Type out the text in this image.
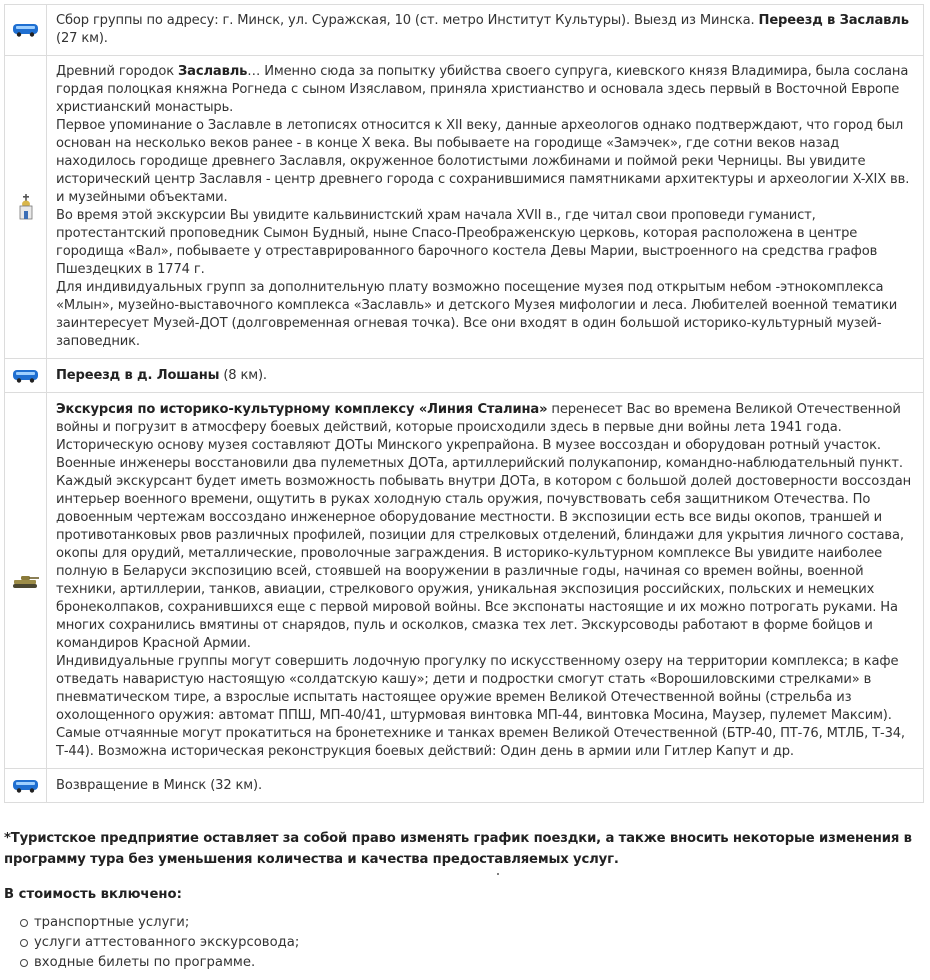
Сбор группы по адресу: г. Минск, ул. Суражская, 10 (ст. метро Институт Культуры). Выезд из Минска. Переезд в Заславль (27 км).

Древний городок Заславль… Именно сюда за попытку убийства своего супруга, киевского князя Владимира, была сослана гордая полоцкая княжна Рогнеда с сыном Изяславом, приняла христианство и основала здесь первый в Восточной Европе христианский монастырь.

Первое упоминание о Заславле в летописях относится к XII веку, данные археологов однако подтверждают, что город был основан на несколько веков ранее - в конце X века. Вы побываете на городище «Замэчек», где сотни веков назад находилось городище древнего Заславля, окруженное болотистыми ложбинами и поймой реки Черницы. Вы увидите исторический центр Заславля - центр древнего города с сохранившимися памятниками архитектуры и археологии X-XIX вв. и музейными объектами.

Во время этой экскурсии Вы увидите кальвинистский храм начала XVII в., где читал свои проповеди гуманист, протестантский проповедник Сымон Будный, ныне Спасо-Преображенскую церковь, которая расположена в центре городища «Вал», побываете у отреставрированного барочного костела Девы Марии, выстроенного на средства графов Пшездецких в 1774 г.

Для индивидуальных групп за дополнительную плату возможно посещение музея под открытым небом -этнокомплекса «Млын», музейно-выставочного комплекса «Заславль» и детского Музея мифологии и леса. Любителей военной тематики заинтересует Музей-ДОТ (долговременная огневая точка). Все они входят в один большой историко-культурный музей-заповедник.

Переезд в д. Лошаны (8 км).

Экскурсия по историко-культурному комплексу «Линия Сталина» перенесет Вас во времена Великой Отечественной войны и погрузит в атмосферу боевых действий, которые происходили здесь в первые дни войны лета 1941 года. Историческую основу музея составляют ДОТы Минского укрепрайона. В музее воссоздан и оборудован ротный участок. Военные инженеры восстановили два пулеметных ДОТа, артиллерийский полукапонир, командно-наблюдательный пункт. Каждый экскурсант будет иметь возможность побывать внутри ДОТа, в котором с большой долей достоверности воссоздан интерьер военного времени, ощутить в руках холодную сталь оружия, почувствовать себя защитником Отечества. По довоенным чертежам воссоздано инженерное оборудование местности. В экспозиции есть все виды окопов, траншей и противотанковых рвов различных профилей, позиции для стрелковых отделений, блиндажи для укрытия личного состава, окопы для орудий, металлические, проволочные заграждения. В историко-культурном комплексе Вы увидите наиболее полную в Беларуси экспозицию всей, стоявшей на вооружении в различные годы, начиная со времен войны, военной техники, артиллерии, танков, авиации, стрелкового оружия, уникальная экспозиция российских, польских и немецких бронеколпаков, сохранившихся еще с первой мировой войны. Все экспонаты настоящие и их можно потрогать руками. На многих сохранились вмятины от снарядов, пуль и осколков, смазка тех лет. Экскурсоводы работают в форме бойцов и командиров Красной Армии.

Индивидуальные группы могут совершить лодочную прогулку по искусственному озеру на территории комплекса; в кафе отведать наваристую настоящую «солдатскую кашу»; дети и подростки смогут стать «Ворошиловскими стрелками» в пневматическом тире, а взрослые испытать настоящее оружие времен Великой Отечественной войны (стрельба из охолощенного оружия: автомат ППШ, МП-40/41, штурмовая винтовка МП-44, винтовка Мосина, Маузер, пулемет Максим). Самые отчаянные могут прокатиться на бронетехнике и танках времен Великой Отечественной (БТР-40, ПТ-76, МТЛБ, Т-34, Т-44). Возможна историческая реконструкция боевых действий: Один день в армии или Гитлер Капут и др.

Возвращение в Минск (32 км).

*Туристское предприятие оставляет за собой право изменять график поездки, а также вносить некоторые изменения в программу тура без уменьшения количества и качества предоставляемых услуг.

В стоимость включено:

транспортные услуги;
услуги аттестованного экскурсовода;
входные билеты по программе.
